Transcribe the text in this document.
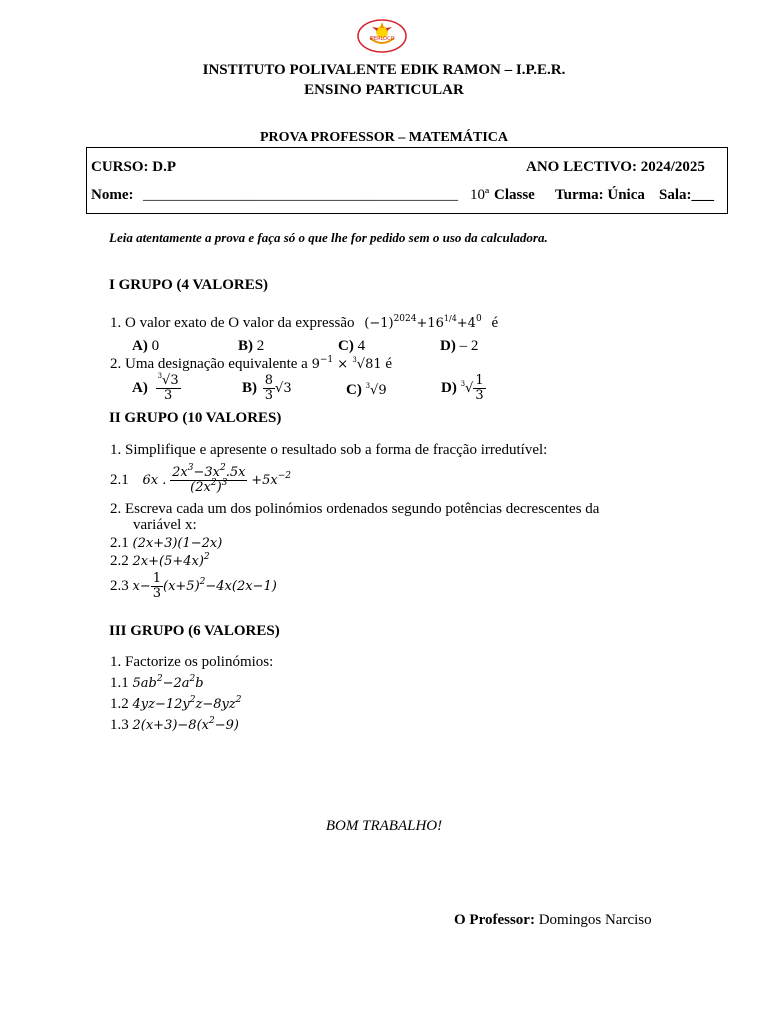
IPERLOCO
INSTITUTO POLIVALENTE EDIK RAMON – I.P.E.R.
ENSINO PARTICULAR
PROVA PROFESSOR – MATEMÁTICA
CURSO: D.P	ANO LECTIVO: 2024/2025
Nome: __________________________________________ 10ª Classe Turma: Única Sala:___
Leia atentamente a prova e faça só o que lhe for pedido sem o uso da calculadora.
I GRUPO (4 VALORES)
1. O valor exato de O valor da expressão $(-1)^{2024}+16^{1/4}+4^0$ é
A) 0	B) 2	C) 4	D) – 2
2. Uma designação equivalente a $9^{-1} \times ^3√81$ é
$A) \frac{^3√3}{3}$	$B) \frac{8}{3} √3$	C) $^3$√9	D) $^3√ \frac{1}{3}$
II GRUPO (10 VALORES)
1. Simplifique e apresente o resultado sob a forma de fracção irredutível:
2.1 6x . $\frac{2x^3-3x^2.5x}{(2x^2)^3} +5x^{-2}$
2. Escreva cada um dos polinómios ordenados segundo potências decrescentes da
variável x:
2.1 (2x+3)(1−2x)
2.2 $2x+(5+4x)^2$
2.3 $x- \frac{1}{3} (x+5)^2-4x(2x-1)$
III GRUPO (6 VALORES)
1. Factorize os polinómios:
1.1 $5ab^2-2a^2b$
1.2 $4yz-12y^2z-8yz^2$
1.3 $2(x+3)-8(x^2-9)$
BOM TRABALHO!
O Professor: Domingos Narciso
